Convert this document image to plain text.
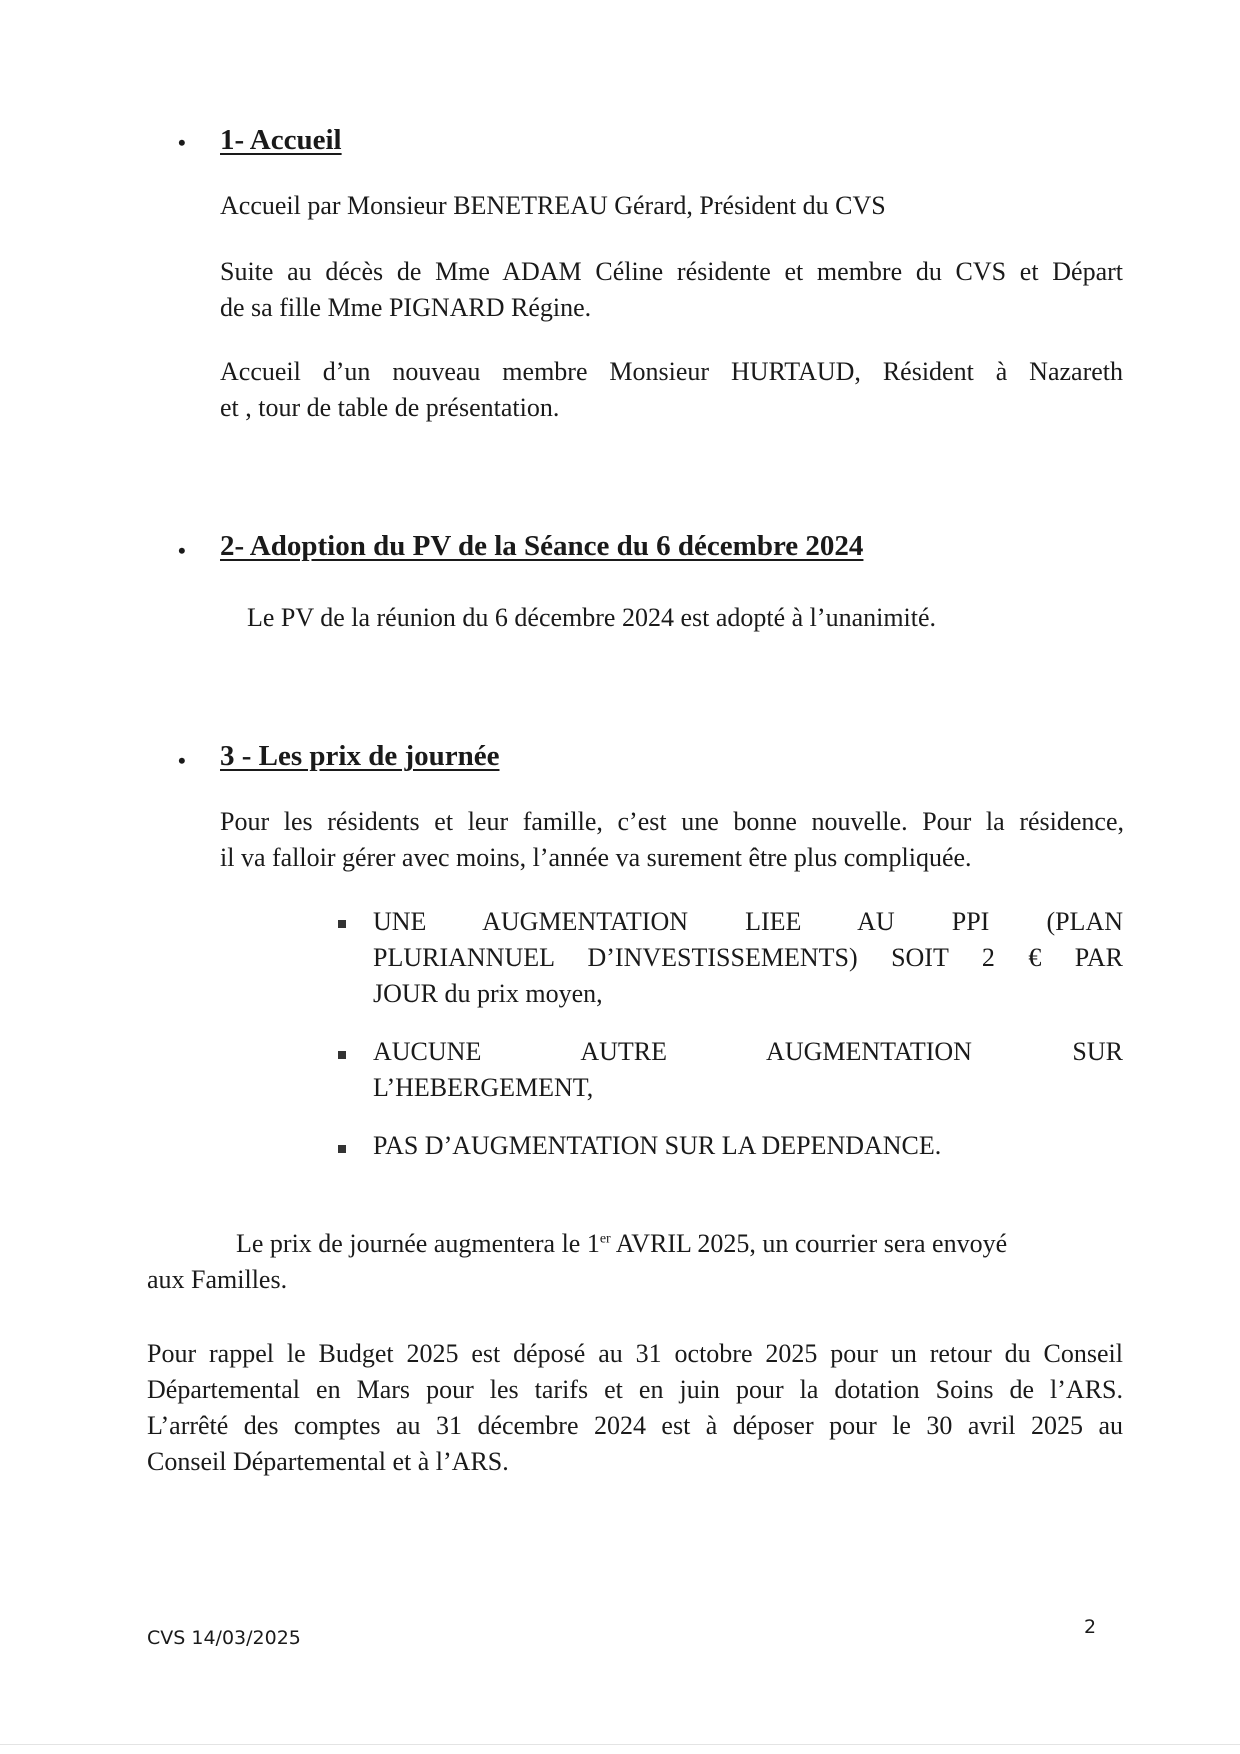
• 1- Accueil
Accueil par Monsieur BENETREAU Gérard, Président du CVS
Suite au décès de Mme ADAM Céline résidente et membre du CVS et Départ
de sa fille Mme PIGNARD Régine.
Accueil d’un nouveau membre Monsieur HURTAUD, Résident à Nazareth
et , tour de table de présentation.
• 2- Adoption du PV de la Séance du 6 décembre 2024
Le PV de la réunion du 6 décembre 2024 est adopté à l’unanimité.
• 3 - Les prix de journée
Pour les résidents et leur famille, c’est une bonne nouvelle. Pour la résidence,
il va falloir gérer avec moins, l’année va surement être plus compliquée.
UNE AUGMENTATION LIEE AU PPI (PLAN
PLURIANNUEL D’INVESTISSEMENTS) SOIT 2 € PAR
JOUR du prix moyen,
AUCUNE AUTRE AUGMENTATION SUR
L’HEBERGEMENT,
PAS D’AUGMENTATION SUR LA DEPENDANCE.
Le prix de journée augmentera le 1er AVRIL 2025, un courrier sera envoyé
aux Familles.
Pour rappel le Budget 2025 est déposé au 31 octobre 2025 pour un retour du Conseil
Départemental en Mars pour les tarifs et en juin pour la dotation Soins de l’ARS.
L’arrêté des comptes au 31 décembre 2024 est à déposer pour le 30 avril 2025 au
Conseil Départemental et à l’ARS.
CVS 14/03/2025	2
